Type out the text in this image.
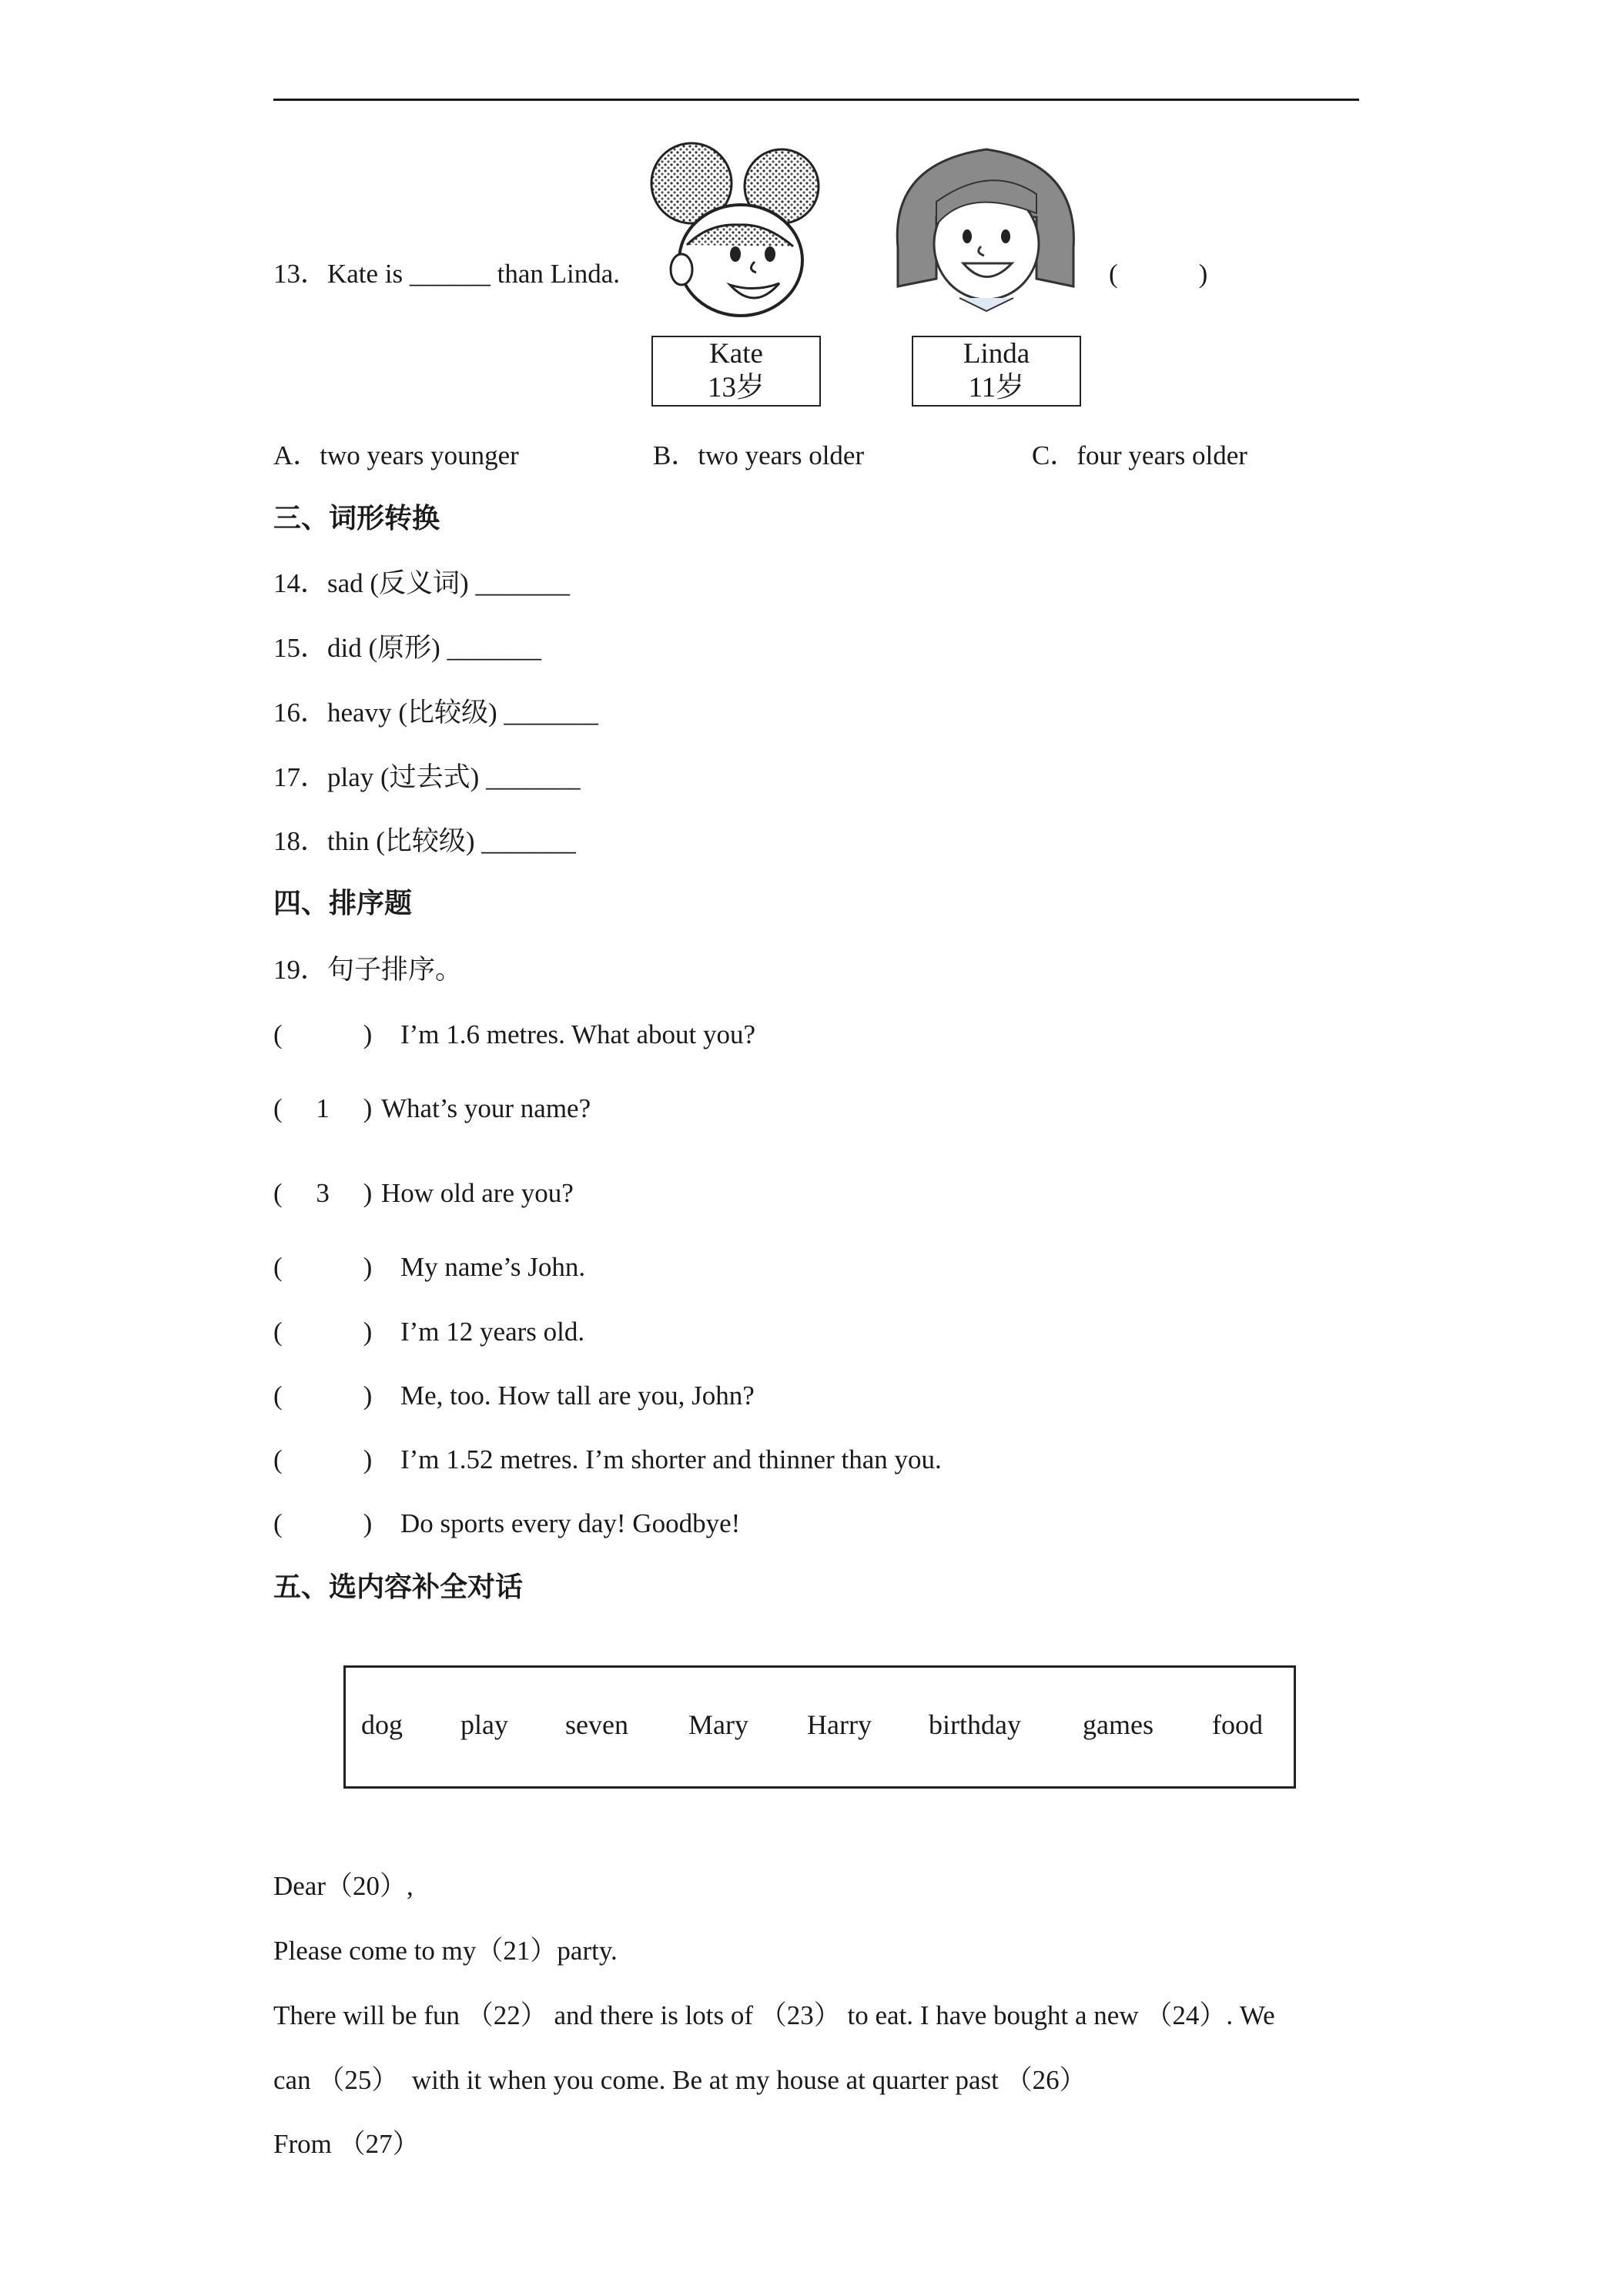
13．Kate is ______ than Linda.	(            )
Kate
13岁
Linda
11岁
A．two years younger	B．two years older	C．four years older
三、词形转换
14．sad (反义词) _______
15．did (原形) _______
16．heavy (比较级) _______
17．play (过去式) _______
18．thin (比较级) _______
四、排序题
19．句子排序。
(            ) I’m 1.6 metres. What about you?
(     1     ) What’s your name?
(     3     ) How old are you?
(            ) My name’s John.
(            ) I’m 12 years old.
(            ) Me, too. How tall are you, John?
(            ) I’m 1.52 metres. I’m shorter and thinner than you.
(            ) Do sports every day! Goodbye!
五、选内容补全对话
dog play seven Mary Harry birthday games food
Dear（20）,
Please come to my（21）party.
There will be fun （22） and there is lots of （23） to eat. I have bought a new （24）. We
can （25）  with it when you come. Be at my house at quarter past （26）
From （27）
